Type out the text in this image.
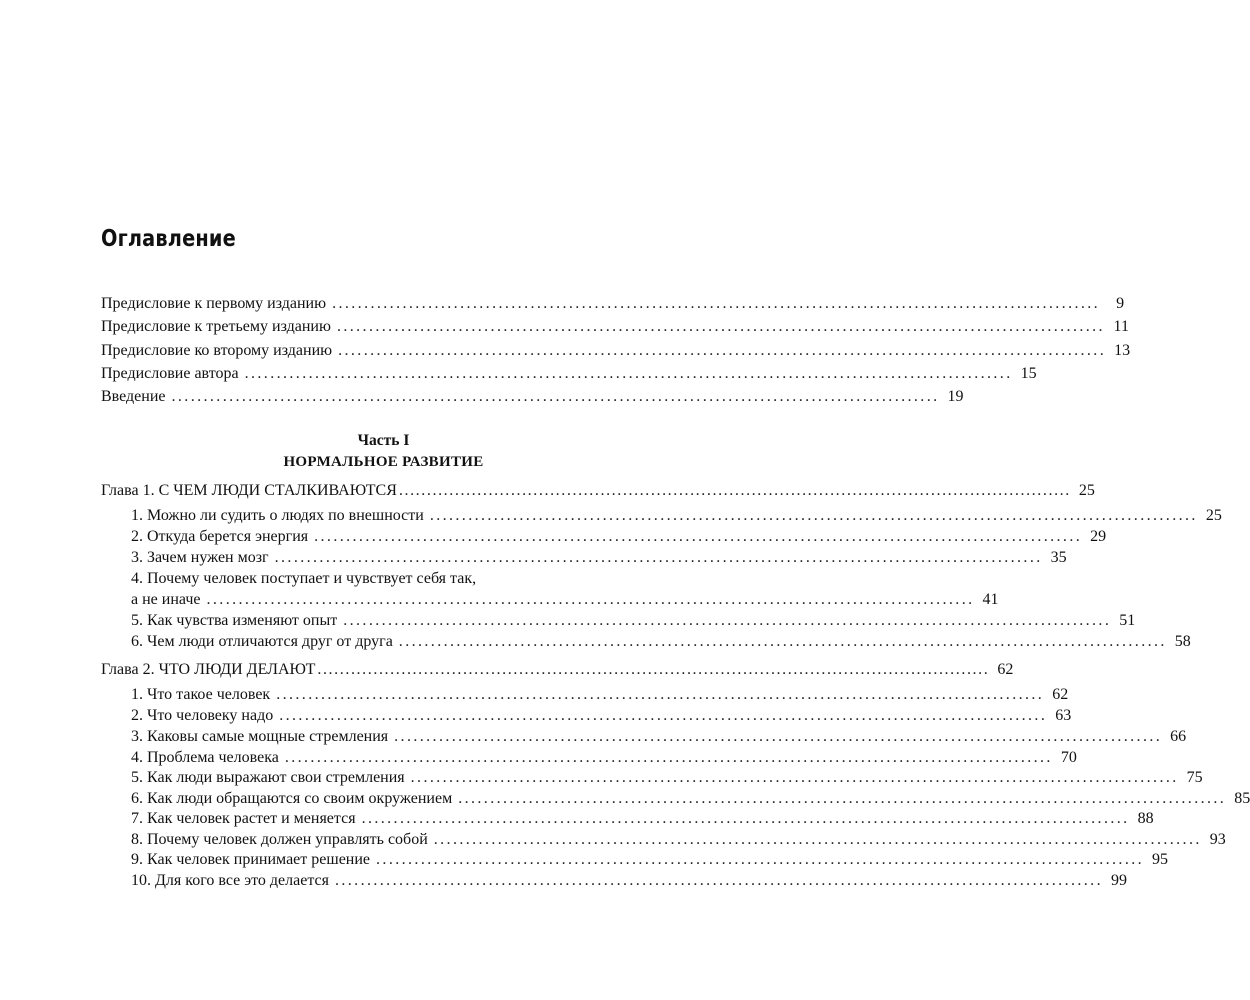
Оглавление
Предисловие к первому изданию ........................................................................................................................	9
Предисловие к третьему изданию ........................................................................................................................ 11
Предисловие ко второму изданию ........................................................................................................................ 13
Предисловие автора ........................................................................................................................ 15
Введение ........................................................................................................................ 19
Часть I
НОРМАЛЬНОЕ РАЗВИТИЕ
Глава 1. С ЧЕМ ЛЮДИ СТАЛКИВАЮТСЯ ........................................................................................................................ 25
1. Можно ли судить о людях по внешности ........................................................................................................................ 25
2. Откуда берется энергия ........................................................................................................................ 29
3. Зачем нужен мозг ........................................................................................................................ 35
4. Почему человек поступает и чувствует себя так,
а не иначе ........................................................................................................................ 41
5. Как чувства изменяют опыт ........................................................................................................................ 51
6. Чем люди отличаются друг от друга ........................................................................................................................ 58
Глава 2. ЧТО ЛЮДИ ДЕЛАЮТ ........................................................................................................................ 62
1. Что такое человек ........................................................................................................................ 62
2. Что человеку надо ........................................................................................................................ 63
3. Каковы самые мощные стремления ........................................................................................................................ 66
4. Проблема человека ........................................................................................................................ 70
5. Как люди выражают свои стремления ........................................................................................................................ 75
6. Как люди обращаются со своим окружением ........................................................................................................................ 85
7. Как человек растет и меняется ........................................................................................................................ 88
8. Почему человек должен управлять собой ........................................................................................................................ 93
9. Как человек принимает решение ........................................................................................................................ 95
10. Для кого все это делается ........................................................................................................................ 99
